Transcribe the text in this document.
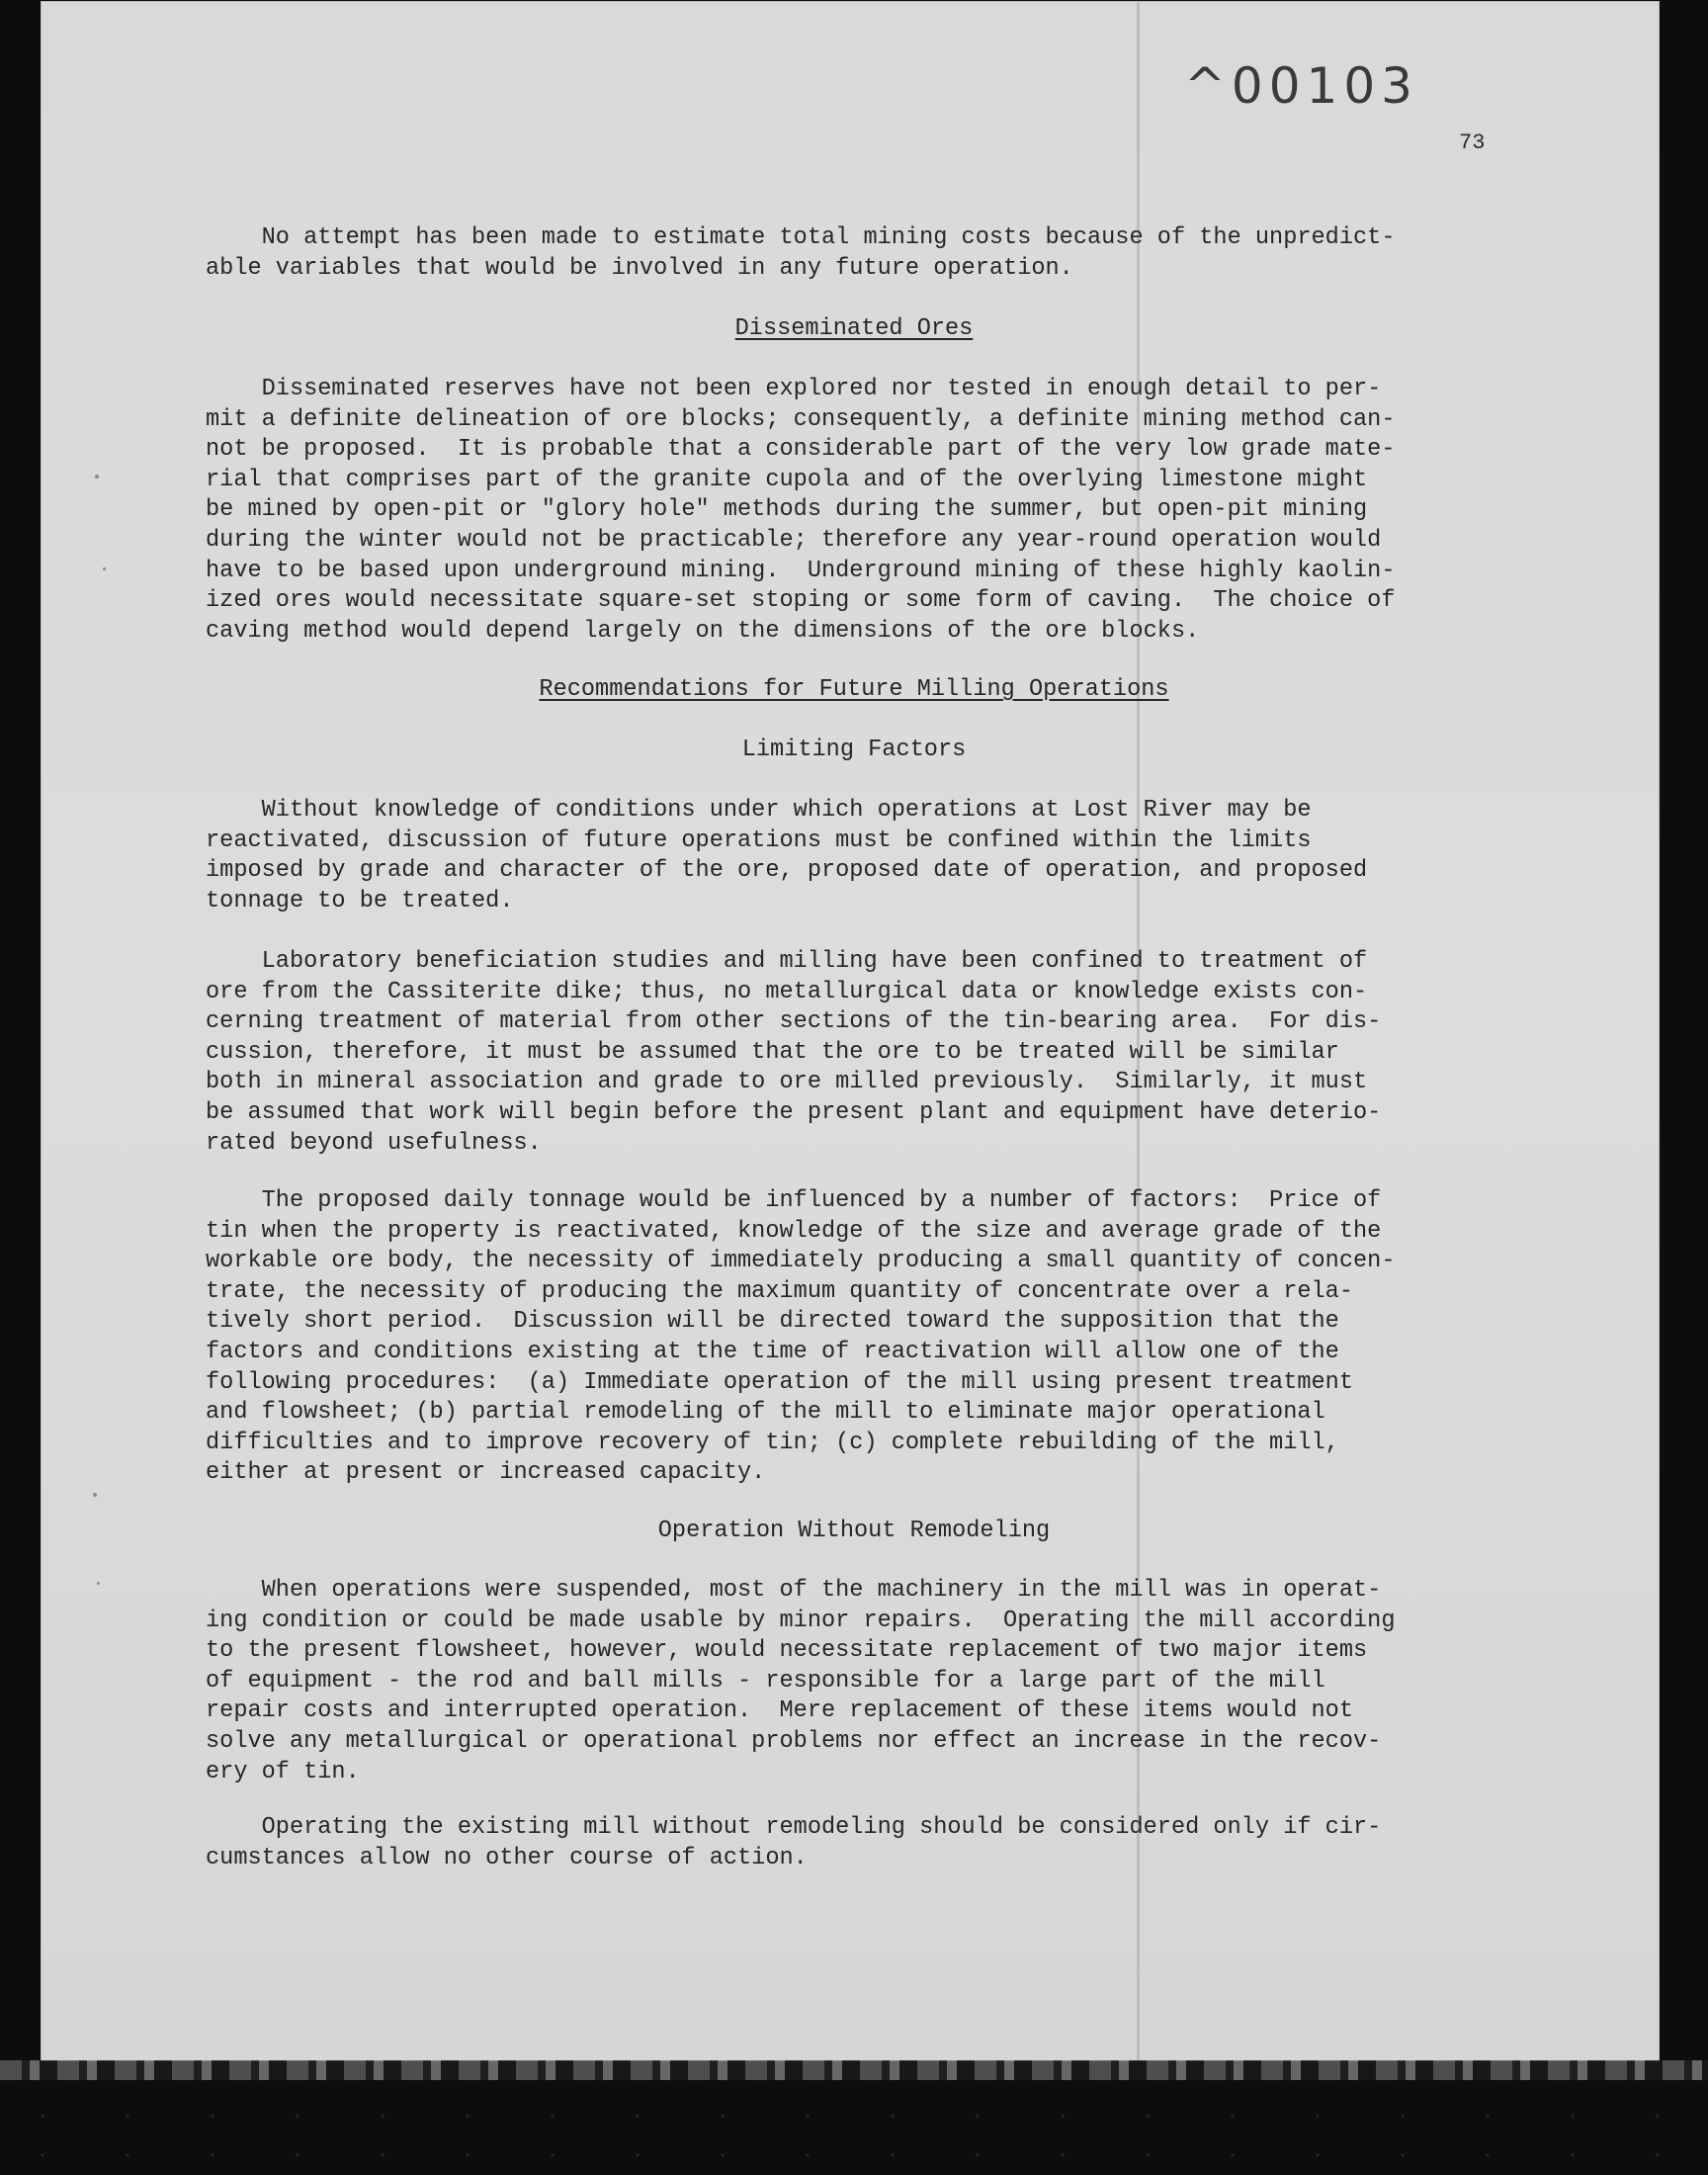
^00103
73
No attempt has been made to estimate total mining costs because of the unpredict-
able variables that would be involved in any future operation.
Disseminated Ores
Disseminated reserves have not been explored nor tested in enough detail to per-
mit a definite delineation of ore blocks; consequently, a definite mining method can-
not be proposed.  It is probable that a considerable part of the very low grade mate-
rial that comprises part of the granite cupola and of the overlying limestone might
be mined by open-pit or "glory hole" methods during the summer, but open-pit mining
during the winter would not be practicable; therefore any year-round operation would
have to be based upon underground mining.  Underground mining of these highly kaolin-
ized ores would necessitate square-set stoping or some form of caving.  The choice of
caving method would depend largely on the dimensions of the ore blocks.
Recommendations for Future Milling Operations
Limiting Factors
Without knowledge of conditions under which operations at Lost River may be
reactivated, discussion of future operations must be confined within the limits
imposed by grade and character of the ore, proposed date of operation, and proposed
tonnage to be treated.
Laboratory beneficiation studies and milling have been confined to treatment of
ore from the Cassiterite dike; thus, no metallurgical data or knowledge exists con-
cerning treatment of material from other sections of the tin-bearing area.  For dis-
cussion, therefore, it must be assumed that the ore to be treated will be similar
both in mineral association and grade to ore milled previously.  Similarly, it must
be assumed that work will begin before the present plant and equipment have deterio-
rated beyond usefulness.
The proposed daily tonnage would be influenced by a number of factors:  Price of
tin when the property is reactivated, knowledge of the size and average grade of the
workable ore body, the necessity of immediately producing a small quantity of concen-
trate, the necessity of producing the maximum quantity of concentrate over a rela-
tively short period.  Discussion will be directed toward the supposition that the
factors and conditions existing at the time of reactivation will allow one of the
following procedures:  (a) Immediate operation of the mill using present treatment
and flowsheet; (b) partial remodeling of the mill to eliminate major operational
difficulties and to improve recovery of tin; (c) complete rebuilding of the mill,
either at present or increased capacity.
Operation Without Remodeling
When operations were suspended, most of the machinery in the mill was in operat-
ing condition or could be made usable by minor repairs.  Operating the mill according
to the present flowsheet, however, would necessitate replacement of two major items
of equipment - the rod and ball mills - responsible for a large part of the mill
repair costs and interrupted operation.  Mere replacement of these items would not
solve any metallurgical or operational problems nor effect an increase in the recov-
ery of tin.
Operating the existing mill without remodeling should be considered only if cir-
cumstances allow no other course of action.
